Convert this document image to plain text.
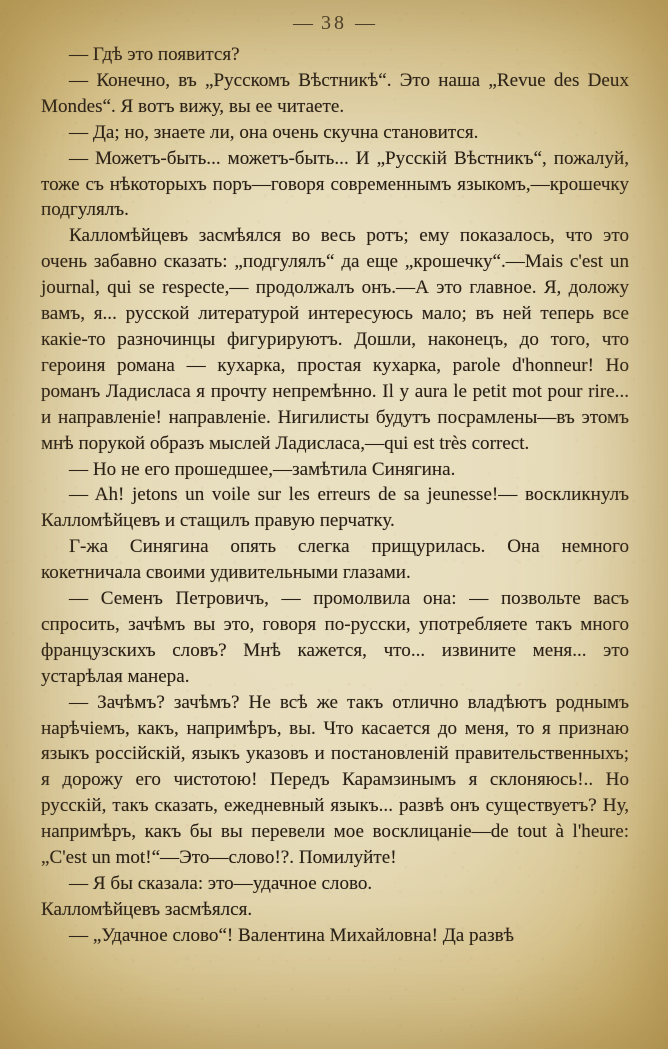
— 38 —

— Гдѣ это появится?

— Конечно, въ „Русскомъ Вѣстникѣ“. Это наша „Revue des Deux Mondes“. Я вотъ вижу, вы ее читаете.

— Да; но, знаете ли, она очень скучна становится.

— Можетъ-быть... можетъ-быть... И „Русскій Вѣстникъ“, пожалуй, тоже съ нѣкоторыхъ поръ—говоря современнымъ языкомъ,—крошечку подгулялъ.

Калломѣйцевъ засмѣялся во весь ротъ; ему показалось, что это очень забавно сказать: „подгулялъ“ да еще „крошечку“.—Mais c'est un journal, qui se respecte,— продолжалъ онъ.—А это главное. Я, доложу вамъ, я... русской литературой интересуюсь мало; въ ней теперь все какіе-то разночинцы фигурируютъ. Дошли, наконецъ, до того, что героиня романа — кухарка, простая кухарка, parole d'honneur! Но романъ Ладислаcа я прочту непремѣнно. Il y aura le petit mot pour rire... и направленіе! направленіе. Нигилисты будутъ посрамлены—въ этомъ мнѣ порукой образъ мыслей Ладислаcа,—qui est très correct.

— Но не его прошедшее,—замѣтила Синягина.

— Ah! jetons un voile sur les erreurs de sa jeunesse!— воскликнулъ Калломѣйцевъ и стащилъ правую перчатку.

Г-жа Синягина опять слегка прищурилась. Она немного кокетничала своими удивительными глазами.

— Семенъ Петровичъ, — промолвила она: — позвольте васъ спросить, зачѣмъ вы это, говоря по-русски, употребляете такъ много французскихъ словъ? Мнѣ кажется, что... извините меня... это устарѣлая манера.

— Зачѣмъ? зачѣмъ? Не всѣ же такъ отлично владѣютъ роднымъ нарѣчіемъ, какъ, напримѣръ, вы. Что касается до меня, то я признаю языкъ россійскій, языкъ указовъ и постановленій правительственныхъ; я дорожу его чистотою! Передъ Карамзинымъ я склоняюсь!.. Но русскій, такъ сказать, ежедневный языкъ... развѣ онъ существуетъ? Ну, напримѣръ, какъ бы вы перевели мое восклицаніе—de tout à l'heure: „C'est un mot!“—Это—слово!?. Помилуйте!

— Я бы сказала: это—удачное слово.

Калломѣйцевъ засмѣялся.

— „Удачное слово“! Валентина Михайловна! Да развѣ
